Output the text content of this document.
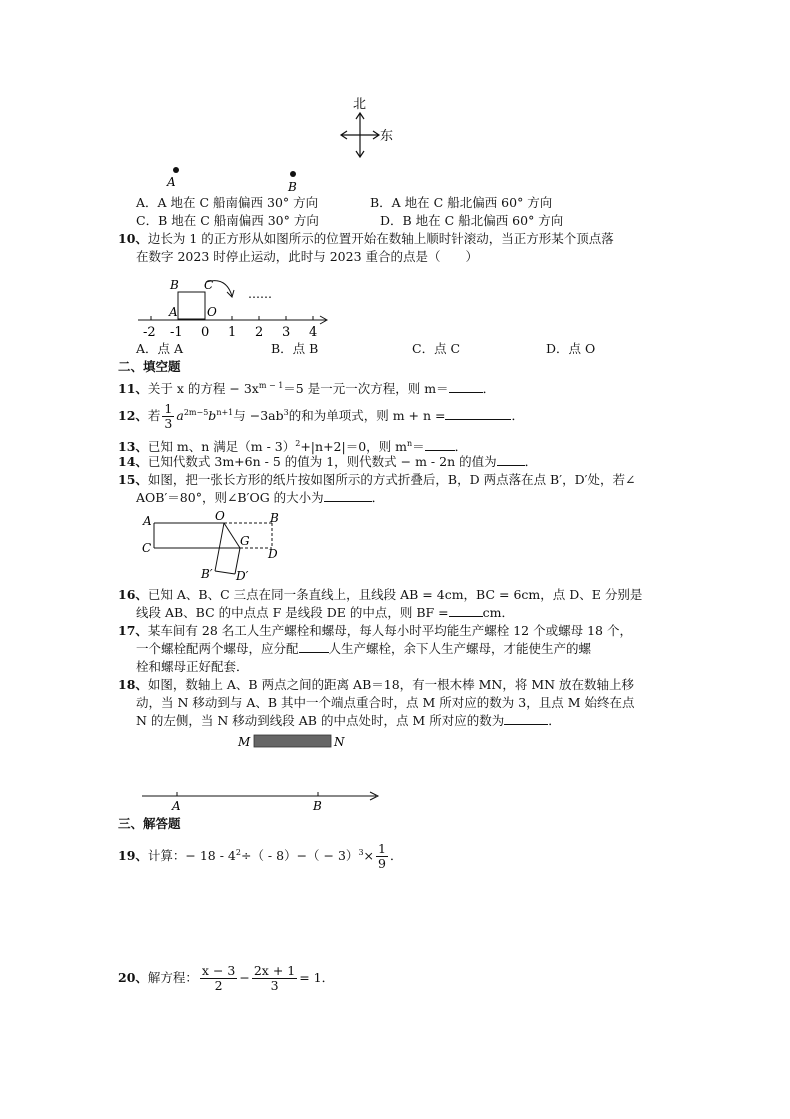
北
东
A	B
A．A 地在 C 船南偏西 30° 方向	B．A 地在 C 船北偏西 60° 方向
C．B 地在 C 船南偏西 30° 方向	D．B 地在 C 船北偏西 60° 方向
10、边长为 1 的正方形从如图所示的位置开始在数轴上顺时针滚动，当正方形某个顶点落
在数字 2023 时停止运动，此时与 2023 重合的点是（　　）
B C
……
A O
-2 -1 0 1 2 3 4
A．点 A	B．点 B	C．点 C	D．点 O
二、填空题
11、关于 x 的方程 − $3x^{m - 1}=5$ 是一元一次方程，则 m＝	．
12、若 $\frac{1}{3} a^{2m-5}b^{n+1}$与 $-3ab^3$的和为单项式，则 m + n =	．
13、已知 m、n 满足（m - 3）$^2$+|n+2|＝0，则 $m^n=$ ．
14、已知代数式 3m+6n - 5 的值为 1，则代数式 − m - 2n 的值为 ．
15、如图，把一张长方形的纸片按如图所示的方式折叠后，B，D 两点落在点 B′，D′处，若∠
AOB′＝80°，则∠B′OG 的大小为	．
A	O	B
C	G
D
B′ D′
16、已知 A、B、C 三点在同一条直线上，且线段 AB = 4cm，BC = 6cm，点 D、E 分别是
线段 AB、BC 的中点点 F 是线段 DE 的中点，则 BF =	cm．
17、某车间有 28 名工人生产螺栓和螺母，每人每小时平均能生产螺栓 12 个或螺母 18 个，
一个螺栓配两个螺母，应分配 人生产螺栓，余下人生产螺母，才能使生产的螺
栓和螺母正好配套．
18、如图，数轴上 A、B 两点之间的距离 AB＝18，有一根木棒 MN，将 MN 放在数轴上移
动，当 N 移动到与 A、B 其中一个端点重合时，点 M 所对应的数为 3，且点 M 始终在点
N 的左侧，当 N 移动到线段 AB 的中点处时，点 M 所对应的数为	．
M	N
A	B
三、解答题
19、计算：− $18 - 4^2\div( - 8)-( - 3)^3\times \frac{1}{9}$ ．
20、解方程： $\frac{x - 3}{2} - \frac{2x + 1}{3} = 1$．
